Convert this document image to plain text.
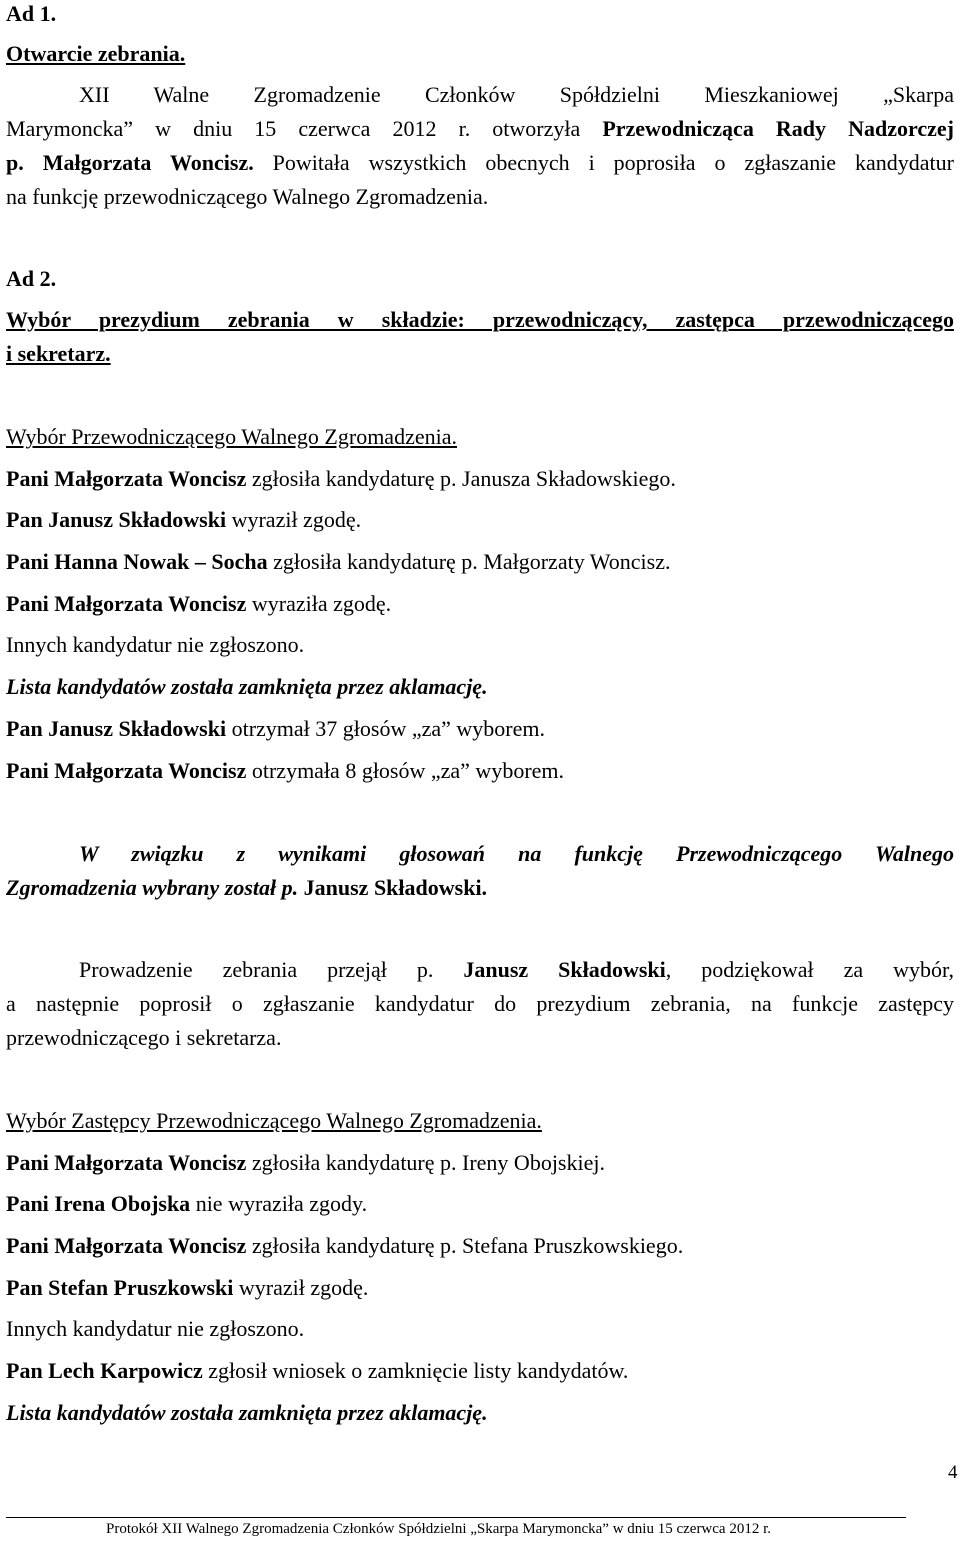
Ad 1.
Otwarcie zebrania.
XII Walne Zgromadzenie Członków Spółdzielni Mieszkaniowej „Skarpa
Marymoncka” w dniu 15 czerwca 2012 r. otworzyła Przewodnicząca Rady Nadzorczej
p. Małgorzata Woncisz. Powitała wszystkich obecnych i poprosiła o zgłaszanie kandydatur
na funkcję przewodniczącego Walnego Zgromadzenia.
Ad 2.
Wybór prezydium zebrania w składzie: przewodniczący, zastępca przewodniczącego
i sekretarz.
Wybór Przewodniczącego Walnego Zgromadzenia.
Pani Małgorzata Woncisz zgłosiła kandydaturę p. Janusza Składowskiego.
Pan Janusz Składowski wyraził zgodę.
Pani Hanna Nowak – Socha zgłosiła kandydaturę p. Małgorzaty Woncisz.
Pani Małgorzata Woncisz wyraziła zgodę.
Innych kandydatur nie zgłoszono.
Lista kandydatów została zamknięta przez aklamację.
Pan Janusz Składowski otrzymał 37 głosów „za” wyborem.
Pani Małgorzata Woncisz otrzymała 8 głosów „za” wyborem.
W związku z wynikami głosowań na funkcję Przewodniczącego Walnego
Zgromadzenia wybrany został p. Janusz Składowski.
Prowadzenie zebrania przejął p. Janusz Składowski, podziękował za wybór,
a następnie poprosił o zgłaszanie kandydatur do prezydium zebrania, na funkcje zastępcy
przewodniczącego i sekretarza.
Wybór Zastępcy Przewodniczącego Walnego Zgromadzenia.
Pani Małgorzata Woncisz zgłosiła kandydaturę p. Ireny Obojskiej.
Pani Irena Obojska nie wyraziła zgody.
Pani Małgorzata Woncisz zgłosiła kandydaturę p. Stefana Pruszkowskiego.
Pan Stefan Pruszkowski wyraził zgodę.
Innych kandydatur nie zgłoszono.
Pan Lech Karpowicz zgłosił wniosek o zamknięcie listy kandydatów.
Lista kandydatów została zamknięta przez aklamację.
4
Protokół XII Walnego Zgromadzenia Członków Spółdzielni „Skarpa Marymoncka” w dniu 15 czerwca 2012 r.
